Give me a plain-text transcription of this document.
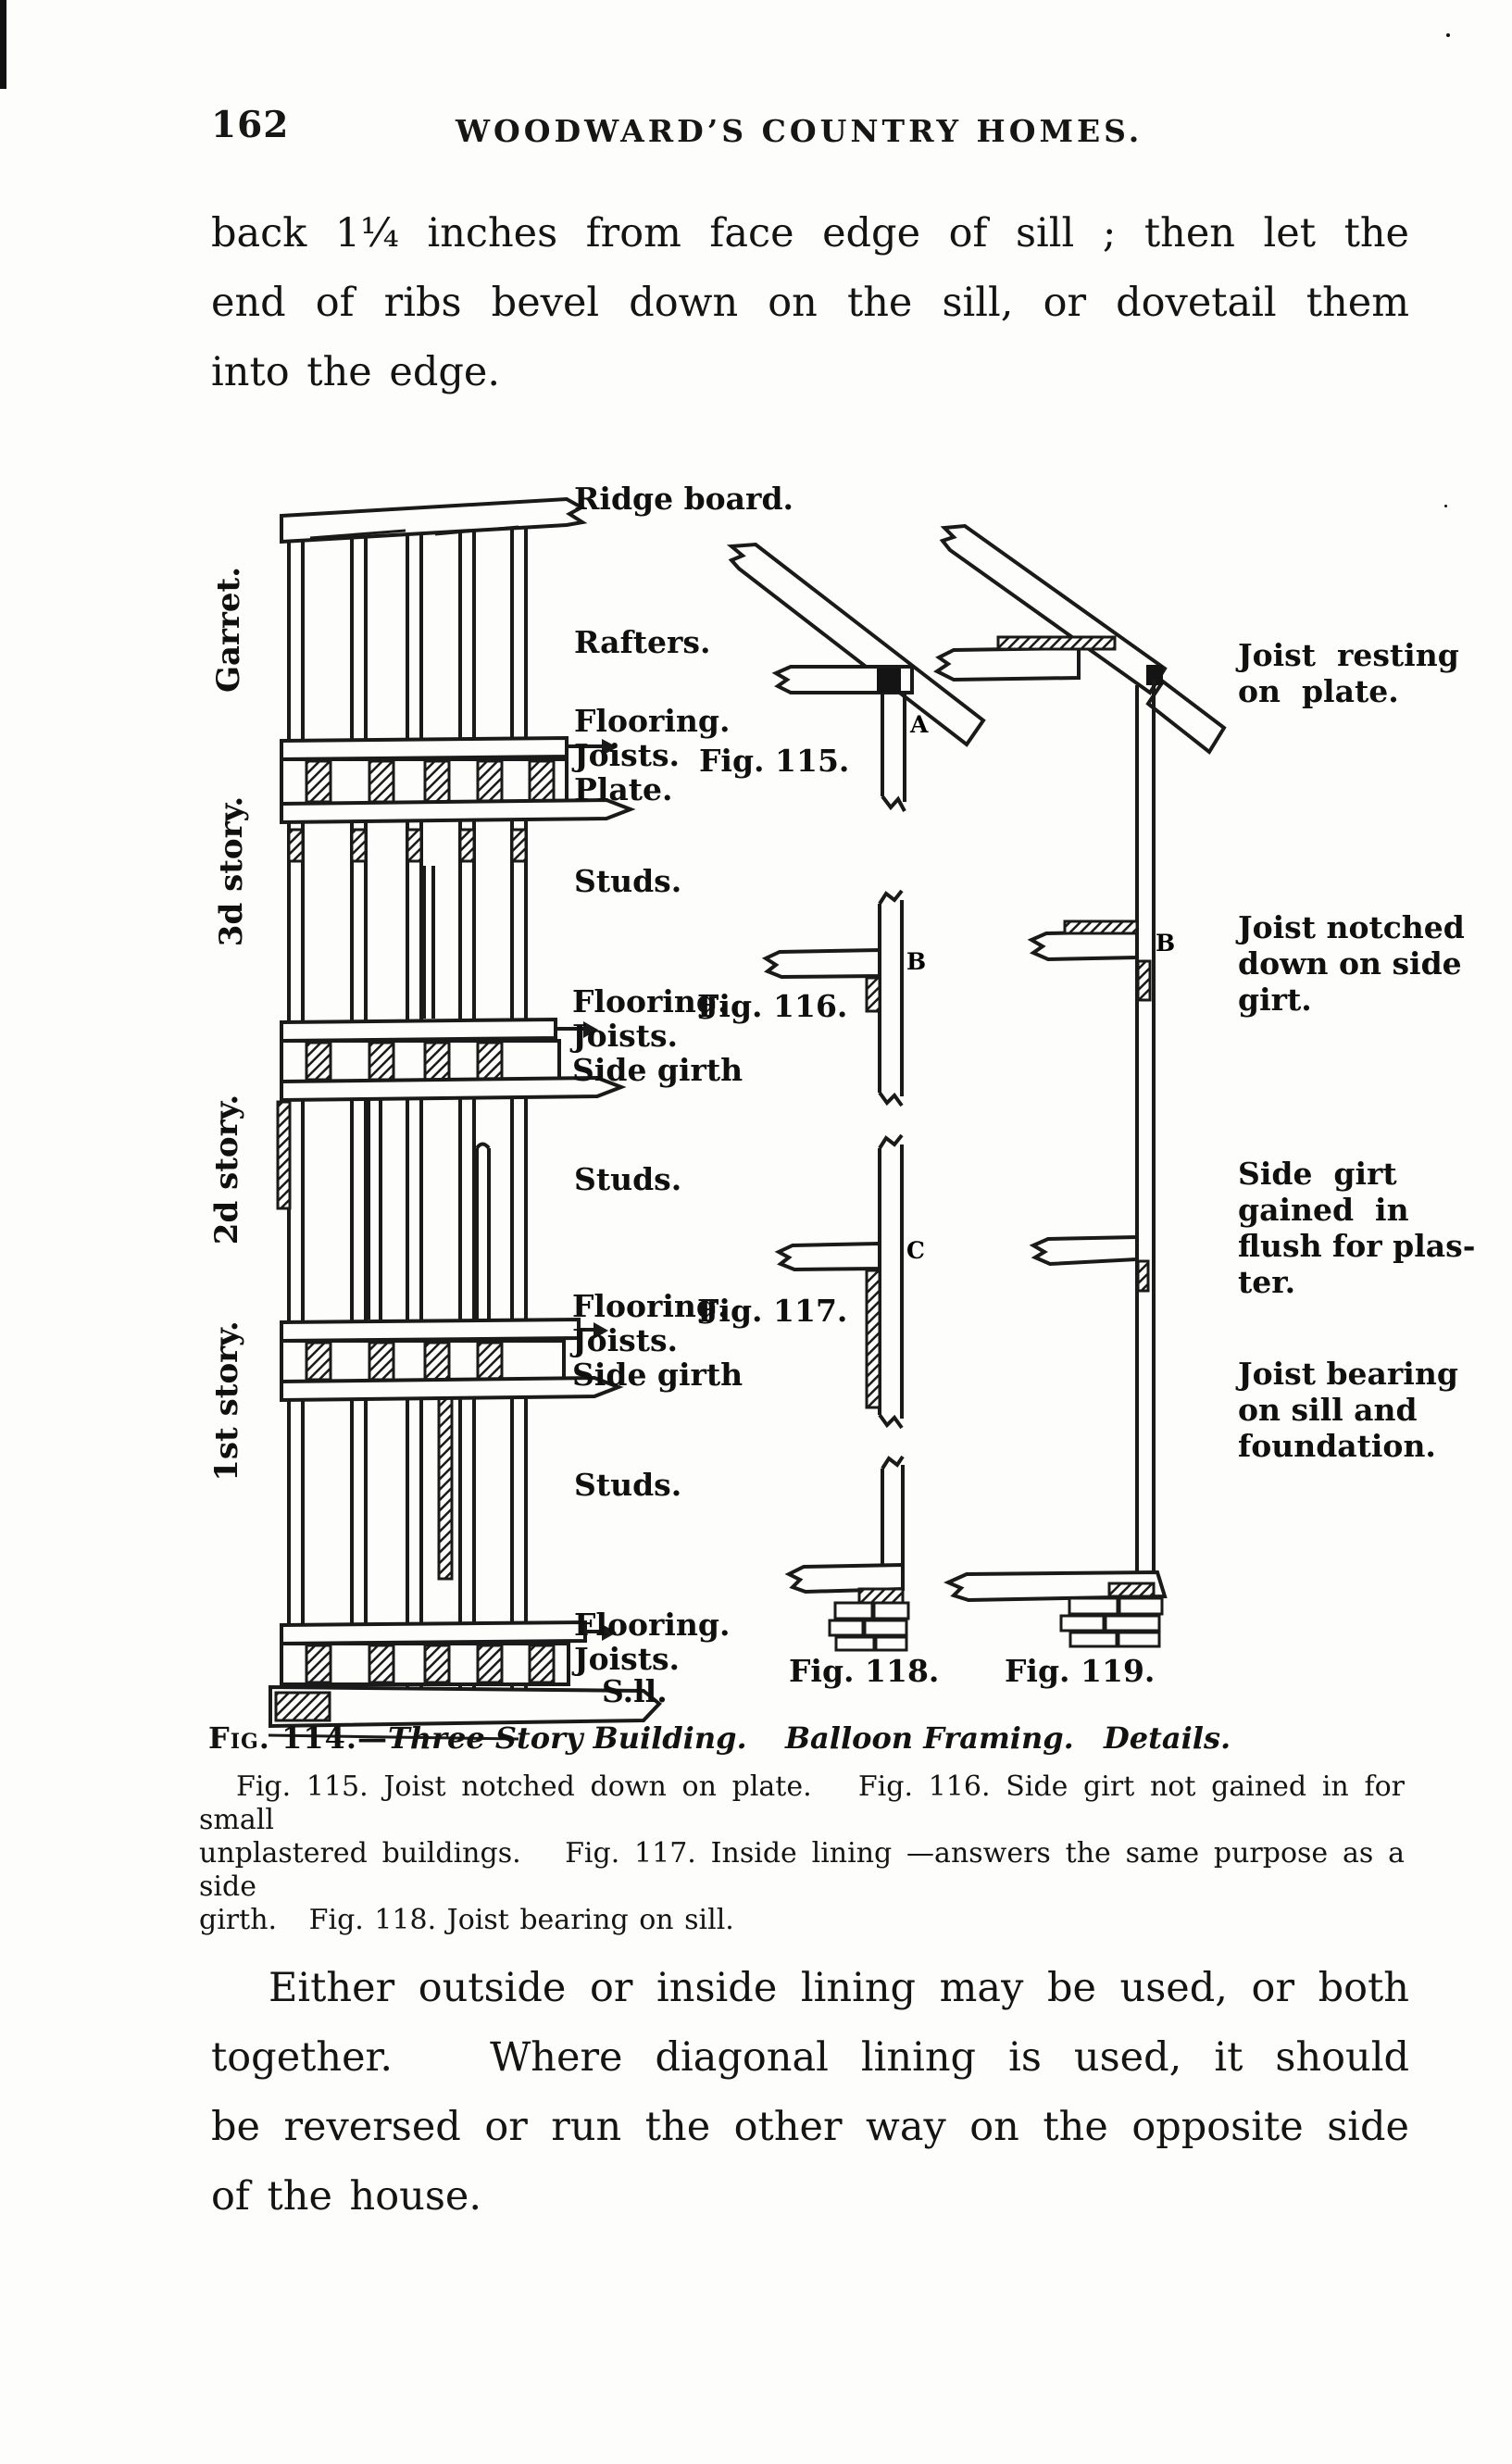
162	WOODWARD’S COUNTRY HOMES.
back 1¼ inches from face edge of sill ; then let the
end of ribs bevel down on the sill, or dovetail them
into the edge.
Garret.
3d story.
2d story.
1st story.
Ridge board.
Rafters.
Flooring.
Joists.
Plate.
Fig. 115.
Studs.
Flooring.
Fig. 116.
Joists.
Side girth
Studs.
Flooring.
Fig. 117.
Joists.
Side girth
Studs.
Flooring.
Joists.
S.ll.
Fig. 118. Fig. 119.
A
B
C
B
Joist  resting
on  plate.
Joist notched
down on side
girt.
Side  girt
gained  in
flush for plas-
ter.
Joist bearing
on sill and
foundation.
Fig. 114.—Three Story Building. Balloon Framing. Details.
Fig. 115. Joist notched down on plate.   Fig. 116. Side girt not gained in for small
unplastered buildings.   Fig. 117. Inside lining —answers the same purpose as a side
girth.   Fig. 118. Joist bearing on sill.
Either outside or inside lining may be used, or both
together.   Where diagonal lining is used, it should
be reversed or run the other way on the opposite side
of the house.
